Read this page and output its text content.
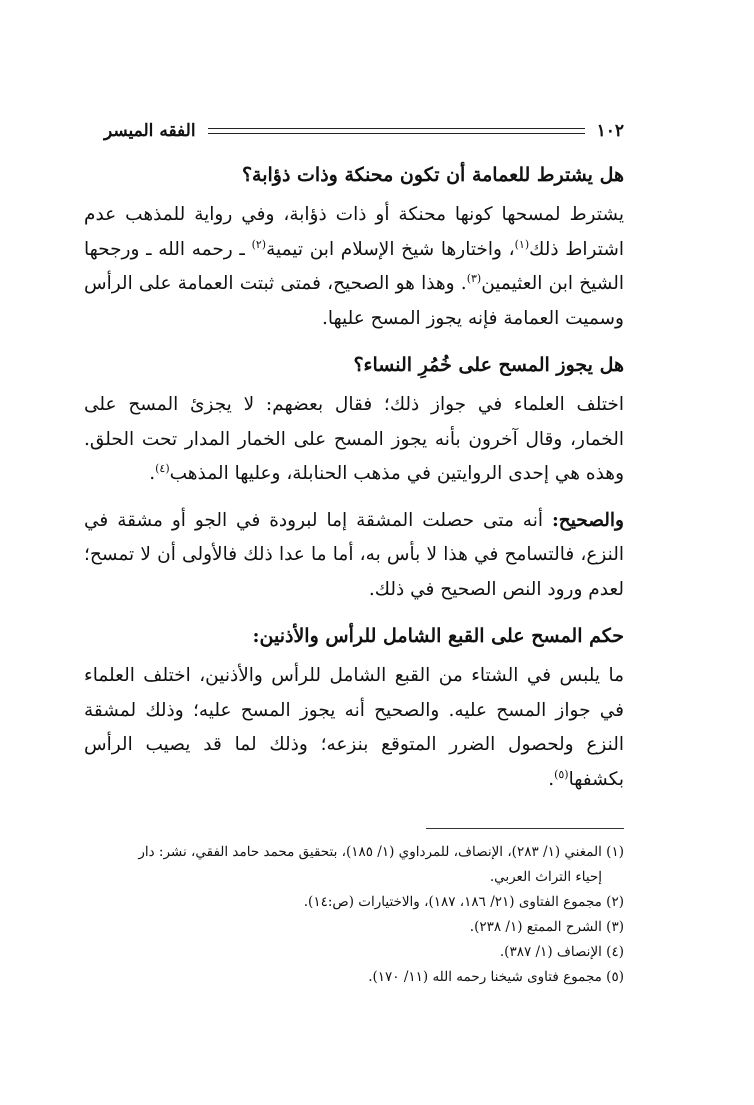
١٠٢
الفقه الميسر
هل يشترط للعمامة أن تكون محنكة وذات ذؤابة؟

يشترط لمسحها كونها محنكة أو ذات ذؤابة، وفي رواية للمذهب عدم اشتراط ذلك$^{(١)}$، واختارها شيخ الإسلام ابن تيمية$^{(٢)}$ ـ رحمه الله ـ ورجحها الشيخ ابن العثيمين$^{(٣)}$. وهذا هو الصحيح، فمتى ثبتت العمامة على الرأس وسميت العمامة فإنه يجوز المسح عليها.

هل يجوز المسح على خُمُرِ النساء؟

اختلف العلماء في جواز ذلك؛ فقال بعضهم: لا يجزئ المسح على الخمار، وقال آخرون بأنه يجوز المسح على الخمار المدار تحت الحلق. وهذه هي إحدى الروايتين في مذهب الحنابلة، وعليها المذهب$^{(٤)}$.

والصحيح: أنه متى حصلت المشقة إما لبرودة في الجو أو مشقة في النزع، فالتسامح في هذا لا بأس به، أما ما عدا ذلك فالأولى أن لا تمسح؛ لعدم ورود النص الصحيح في ذلك.

حكم المسح على القبع الشامل للرأس والأذنين:

ما يلبس في الشتاء من القبع الشامل للرأس والأذنين، اختلف العلماء في جواز المسح عليه. والصحيح أنه يجوز المسح عليه؛ وذلك لمشقة النزع ولحصول الضرر المتوقع بنزعه؛ وذلك لما قد يصيب الرأس بكشفها$^{(٥)}$.

(١) المغني (١/ ٢٨٣)، الإنصاف، للمرداوي (١/ ١٨٥)، بتحقيق محمد حامد الفقي، نشر: دار

إحياء التراث العربي.

(٢) مجموع الفتاوى (٢١/ ١٨٦، ١٨٧)، والاختيارات (ص:١٤).

(٣) الشرح الممتع (١/ ٢٣٨).

(٤) الإنصاف (١/ ٣٨٧).

(٥) مجموع فتاوى شيخنا رحمه الله (١١/ ١٧٠).
